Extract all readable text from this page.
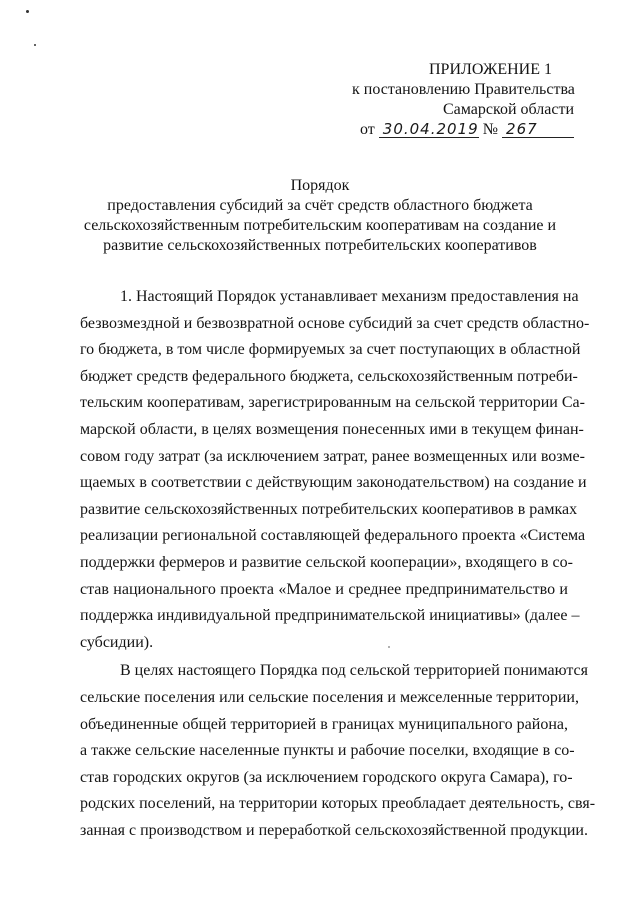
ПРИЛОЖЕНИЕ 1
к постановлению Правительства
Самарской области
от 30.04.2019 № 267
Порядок
предоставления субсидий за счёт средств областного бюджета
сельскохозяйственным потребительским кооперативам на создание и
развитие сельскохозяйственных потребительских кооперативов
1. Настоящий Порядок устанавливает механизм предоставления на
безвозмездной и безвозвратной основе субсидий за счет средств областно-
го бюджета, в том числе формируемых за счет поступающих в областной
бюджет средств федерального бюджета, сельскохозяйственным потреби-
тельским кооперативам, зарегистрированным на сельской территории Са-
марской области, в целях возмещения понесенных ими в текущем финан-
совом году затрат (за исключением затрат, ранее возмещенных или возме-
щаемых в соответствии с действующим законодательством) на создание и
развитие сельскохозяйственных потребительских кооперативов в рамках
реализации региональной составляющей федерального проекта «Система
поддержки фермеров и развитие сельской кооперации», входящего в со-
став национального проекта «Малое и среднее предпринимательство и
поддержка индивидуальной предпринимательской инициативы» (далее –
субсидии).
В целях настоящего Порядка под сельской территорией понимаются
сельские поселения или сельские поселения и межселенные территории,
объединенные общей территорией в границах муниципального района,
а также сельские населенные пункты и рабочие поселки, входящие в со-
став городских округов (за исключением городского округа Самара), го-
родских поселений, на территории которых преобладает деятельность, свя-
занная с производством и переработкой сельскохозяйственной продукции.
